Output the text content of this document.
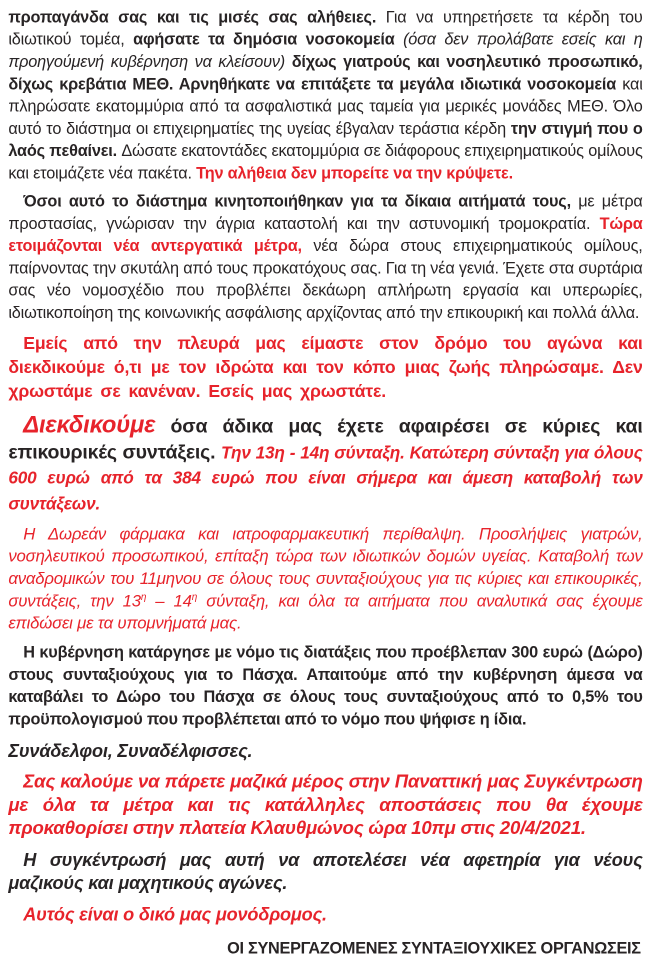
προπαγάνδα σας και τις μισές σας αλήθειες. Για να υπηρετήσετε τα κέρδη του ιδιωτικού τομέα, αφήσατε τα δημόσια νοσοκομεία (όσα δεν προλάβατε εσείς και η προηγούμενή κυβέρνηση να κλείσουν) δίχως γιατρούς και νοσηλευτικό προσωπικό, δίχως κρεβάτια ΜΕΘ. Αρνηθήκατε να επιτάξετε τα μεγάλα ιδιωτικά νοσοκομεία και πληρώσατε εκατομμύρια από τα ασφαλιστικά μας ταμεία για μερικές μονάδες ΜΕΘ. Όλο αυτό το διάστημα οι επιχειρηματίες της υγείας έβγαλαν τεράστια κέρδη την στιγμή που ο λαός πεθαίνει. Δώσατε εκατοντάδες εκατομμύρια σε διάφορους επιχειρηματικούς ομίλους και ετοιμάζετε νέα πακέτα. Την αλήθεια δεν μπορείτε να την κρύψετε.

Όσοι αυτό το διάστημα κινητοποιήθηκαν για τα δίκαια αιτήματά τους, με μέτρα προστασίας, γνώρισαν την άγρια καταστολή και την αστυνομική τρομοκρατία. Τώρα ετοιμάζονται νέα αντεργατικά μέτρα, νέα δώρα στους επιχειρηματικούς ομίλους, παίρνοντας την σκυτάλη από τους προκατόχους σας. Για τη νέα γενιά. Έχετε στα συρτάρια σας νέο νομοσχέδιο που προβλέπει δεκάωρη απλήρωτη εργασία και υπερωρίες, ιδιωτικοποίηση της κοινωνικής ασφάλισης αρχίζοντας από την επικουρική και πολλά άλλα.

Εμείς από την πλευρά μας είμαστε στον δρόμο του αγώνα και διεκδικούμε ό,τι με τον ιδρώτα και τον κόπο μιας ζωής πληρώσαμε. Δεν χρωστάμε σε κανέναν. Εσείς μας χρωστάτε.

Διεκδικούμε όσα άδικα μας έχετε αφαιρέσει σε κύριες και επικουρικές συντάξεις. Την 13η - 14η σύνταξη. Κατώτερη σύνταξη για όλους 600 ευρώ από τα 384 ευρώ που είναι σήμερα και άμεση καταβολή των συντάξεων.

Η Δωρεάν φάρμακα και ιατροφαρμακευτική περίθαλψη. Προσλήψεις γιατρών, νοσηλευτικού προσωπικού, επίταξη τώρα των ιδιωτικών δομών υγείας. Καταβολή των αναδρομικών του 11μηνου σε όλους τους συνταξιούχους για τις κύριες και επικουρικές, συντάξεις, την $13^\eta - 14^\eta$ σύνταξη, και όλα τα αιτήματα που αναλυτικά σας έχουμε επιδώσει με τα υπομνήματά μας.

Η κυβέρνηση κατάργησε με νόμο τις διατάξεις που προέβλεπαν 300 ευρώ (Δώρο) στους συνταξιούχους για το Πάσχα. Απαιτούμε από την κυβέρνηση άμεσα να καταβάλει το Δώρο του Πάσχα σε όλους τους συνταξιούχους από το 0,5% του προϋπολογισμού που προβλέπεται από το νόμο που ψήφισε η ίδια.

Συνάδελφοι, Συναδέλφισσες.

Σας καλούμε να πάρετε μαζικά μέρος στην Παναττική μας Συγκέντρωση με όλα τα μέτρα και τις κατάλληλες αποστάσεις που θα έχουμε προκαθορίσει στην πλατεία Κλαυθμώνος ώρα 10πμ στις 20/4/2021.

Η συγκέντρωσή μας αυτή να αποτελέσει νέα αφετηρία για νέους μαζικούς και μαχητικούς αγώνες.

Αυτός είναι ο δικό μας μονόδρομος.

ΟΙ ΣΥΝΕΡΓΑΖΟΜΕΝΕΣ ΣΥΝΤΑΞΙΟΥΧΙΚΕΣ ΟΡΓΑΝΩΣΕΙΣ
